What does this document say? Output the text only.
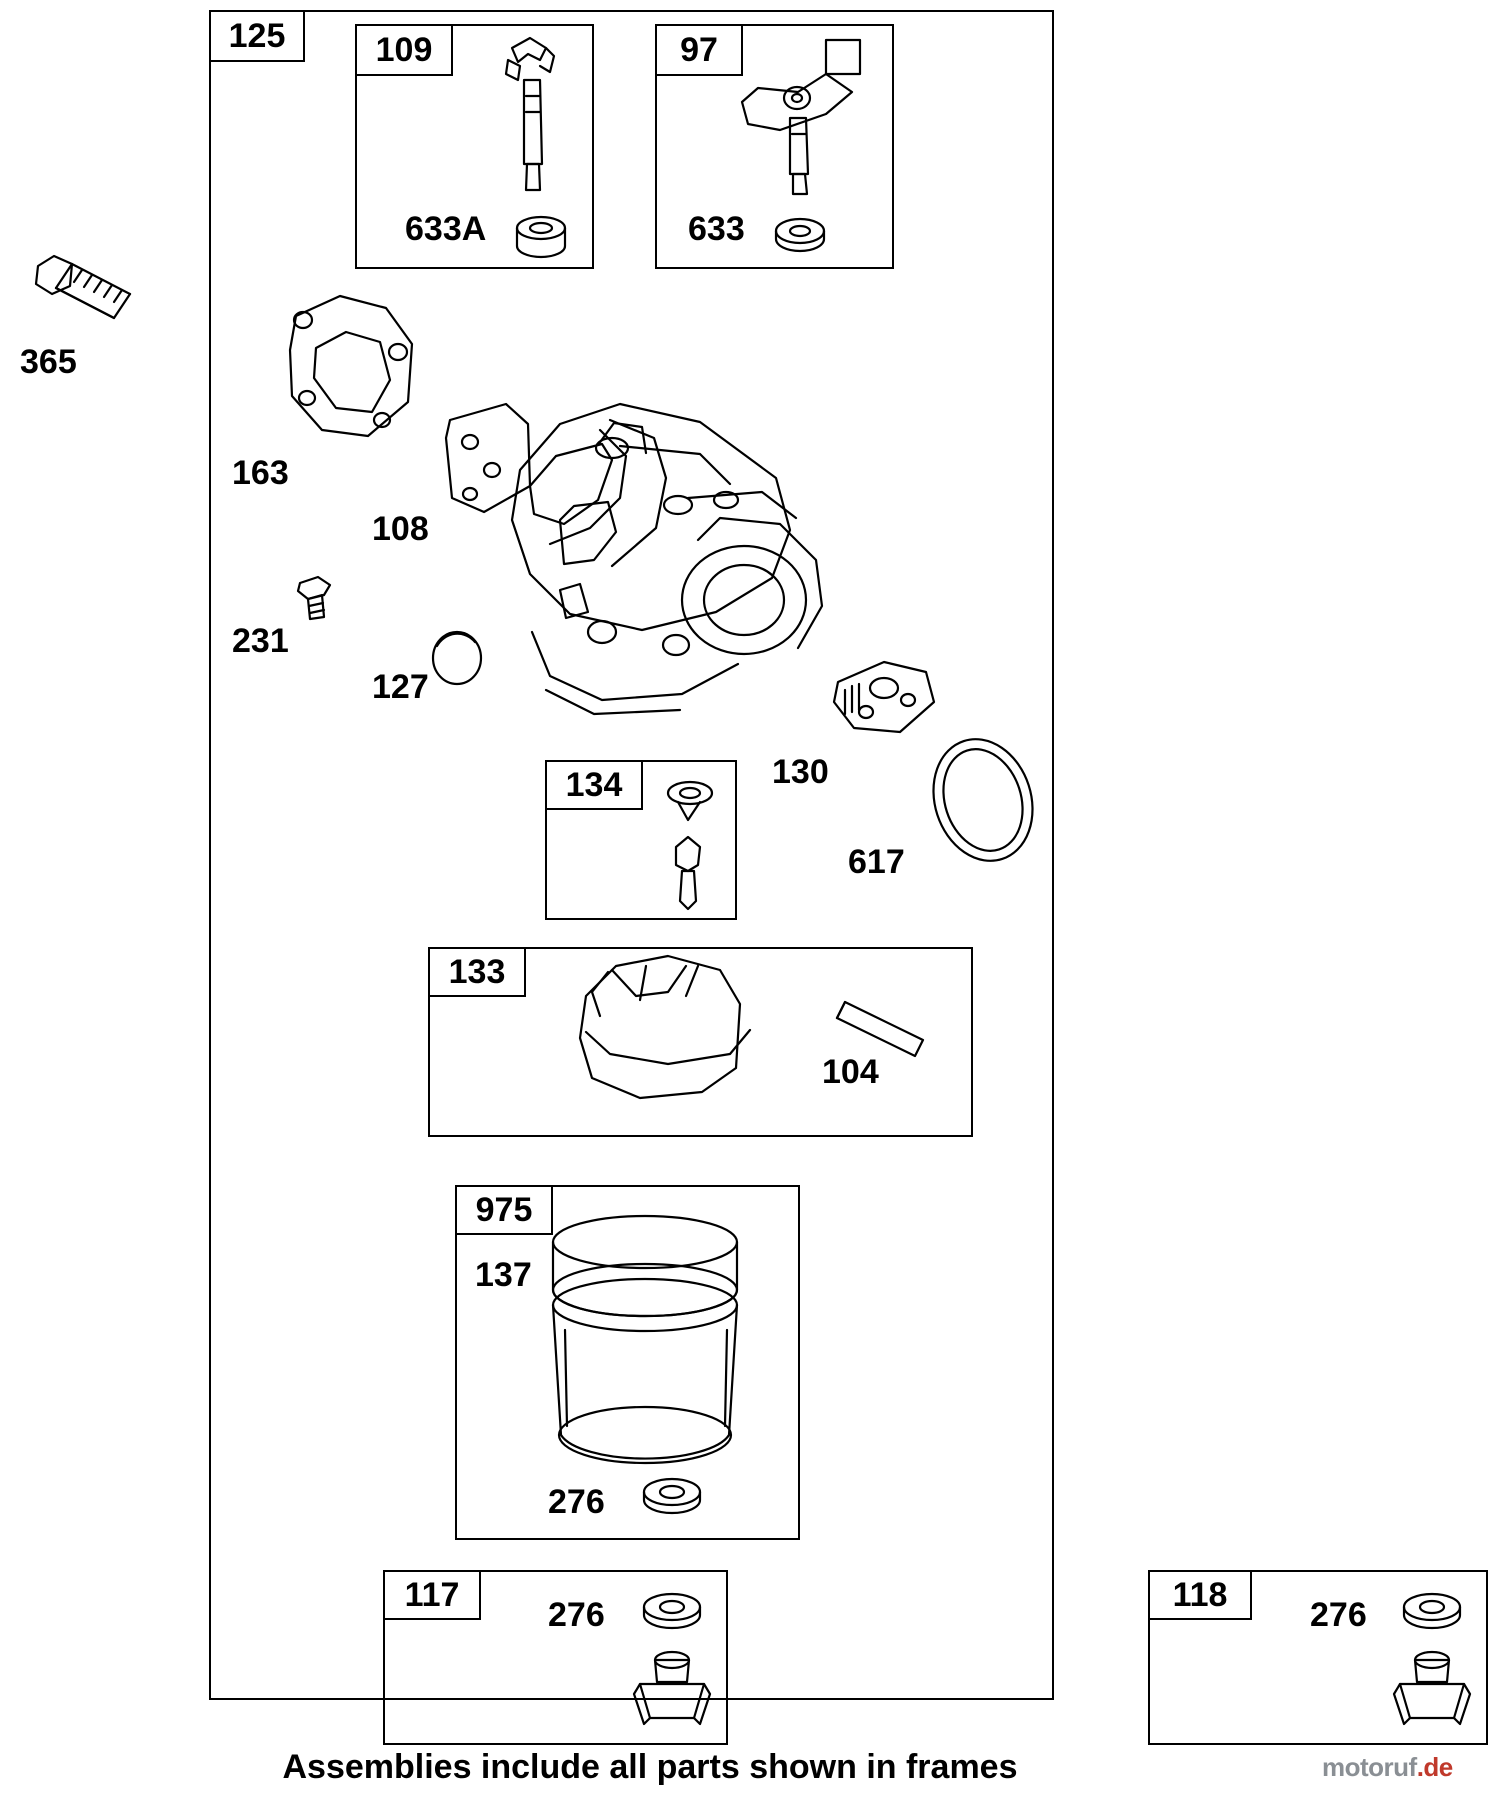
125	109	97
134
133
975
117	118
365
633A	633
163
108
231
127
130
617
104
137
276
276	276
Assemblies include all parts shown in frames	motoruf.de
